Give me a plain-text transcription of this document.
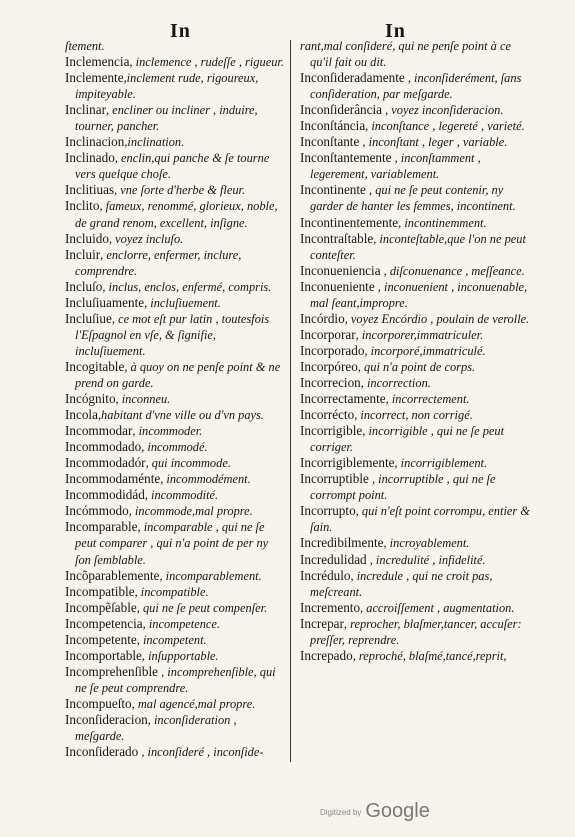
In	In
ſtement.
Inclemencia, inclemence , rudeſſe , rigueur.
Inclemente,inclement rude, rigoureux, impiteyable.
Inclinar, encliner ou incliner , induire, tourner, pancher.
Inclinacion,inclination.
Inclinado, enclin,qui panche & ſe tourne vers quelque choſe.
Inclitiuas, vne ſorte d'herbe & fleur.
Inclito, fameux, renommé, glorieux, noble, de grand renom, excellent, inſigne.
Incluido, voyez incluſo.
Incluir, enclorre, enfermer, inclure, comprendre.
Incluſo, inclus, enclos, enfermé, compris.
Incluſiuamente, incluſiuement.
Incluſiue, ce mot eſt pur latin , toutesfois l'Eſpagnol en vſe, & ſignifie, incluſiuement.
Incogitable, à quoy on ne penſe point & ne prend on garde.
Incógnito, inconneu.
Incola,habitant d'vne ville ou d'vn pays.
Incommodar, incommoder.
Incommodado, incommodé.
Incommodadór, qui incommode.
Incommodaménte, incommodément.
Incommodidád, incommodité.
Incómmodo, incommode,mal propre.
Incomparable, incomparable , qui ne ſe peut comparer , qui n'a point de per ny ſon ſemblable.
Incõparablemente, incomparablement.
Incompatible, incompatible.
Incompẽſable, qui ne ſe peut compenſer.
Incompetencia, incompetence.
Incompetente, incompetent.
Incomportable, inſupportable.
Incomprehenſible , incomprehenſible, qui ne ſe peut comprendre.
Incompueſto, mal agencé,mal propre.
Inconſideracion, inconſideration , meſgarde.
Inconſiderado , inconſideré , inconſide-
rant,mal conſideré, qui ne penſe point à ce qu'il fait ou dit.
Inconſideradamente , inconſiderément, ſans conſideration, par meſgarde.
Inconſiderância , voyez inconſideracion.
Inconſtáncia, inconſtance , legereté , varieté.
Inconſtante , inconſtant , leger , variable.
Inconſtantemente , inconſtamment , legerement, variablement.
Incontinente , qui ne ſe peut contenir, ny garder de hanter les femmes, incontinent.
Incontinentemente, incontinemment.
Incontraſtable, inconteſtable,que l'on ne peut conteſter.
Inconueniencia , diſconuenance , meſſeance.
Inconueniente , inconuenient , inconuenable, mal ſeant,impropre.
Incórdio, voyez Encórdio , poulain de verolle.
Incorporar, incorporer,immatriculer.
Incorporado, incorporé,immatriculé.
Incorpóreo, qui n'a point de corps.
Incorrecion, incorrection.
Incorrectamente, incorrectement.
Incorrécto, incorrect, non corrigé.
Incorrigible, incorrigible , qui ne ſe peut corriger.
Incorrigiblemente, incorrigiblement.
Incorruptible , incorruptible , qui ne ſe corrompt point.
Incorrupto, qui n'eſt point corrompu, entier & ſain.
Incredibilmente, incroyablement.
Incredulidad , incredulité , infidelité.
Incrédulo, incredule , qui ne croit pas, meſcreant.
Incremento, accroiſſement , augmentation.
Increpar, reprocher, blaſmer,tancer, accuſer: preſſer, reprendre.
Increpado, reproché, blaſmé,tancé,reprit,
Digitized by Google
